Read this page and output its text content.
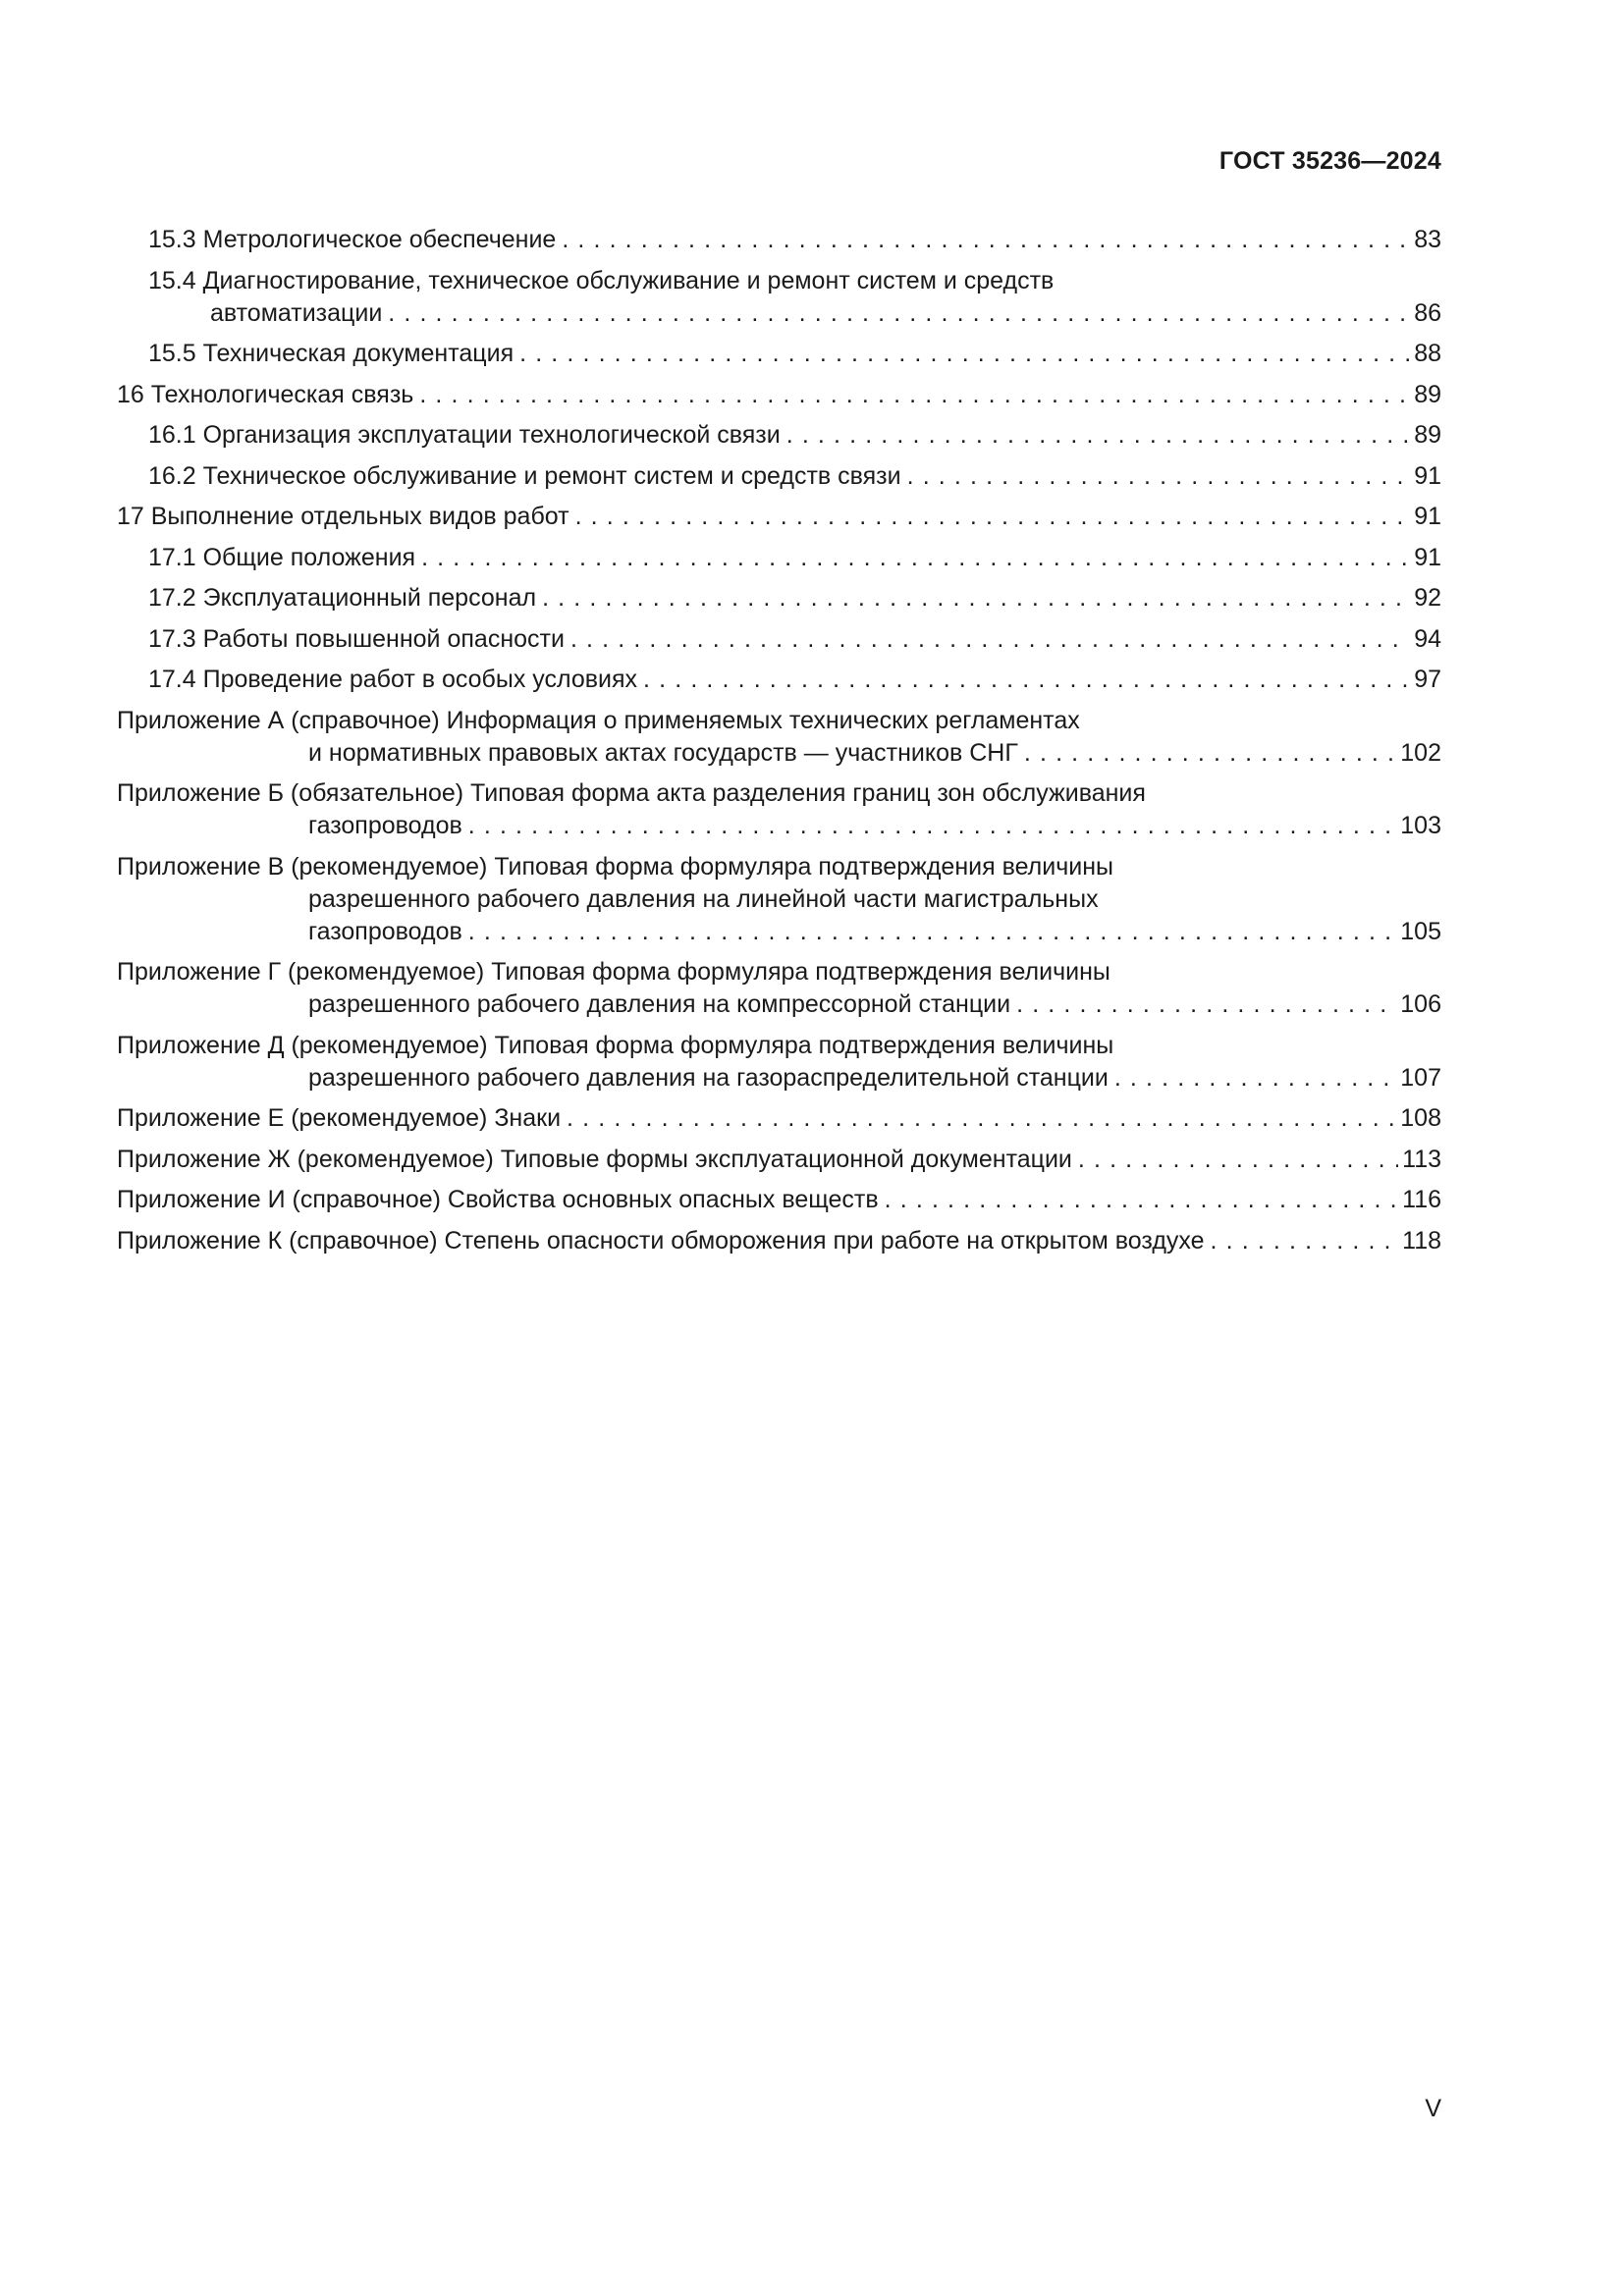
ГОСТ 35236—2024
15.3 Метрологическое обеспечение . . .	83
15.4 Диагностирование, техническое обслуживание и ремонт систем и средств
автоматизации . . .	86
15.5 Техническая документация . . .	88
16 Технологическая связь . . .	89
16.1 Организация эксплуатации технологической связи . . .	89
16.2 Техническое обслуживание и ремонт систем и средств связи . . .	91
17 Выполнение отдельных видов работ . . .	91
17.1 Общие положения . . .	91
17.2 Эксплуатационный персонал . . .	92
17.3 Работы повышенной опасности . . .	94
17.4 Проведение работ в особых условиях . . .	97
Приложение А (справочное) Информация о применяемых технических регламентах
и нормативных правовых актах государств — участников СНГ . . .	102
Приложение Б (обязательное) Типовая форма акта разделения границ зон обслуживания
газопроводов . . .	103
Приложение В (рекомендуемое) Типовая форма формуляра подтверждения величины
разрешенного рабочего давления на линейной части магистральных
газопроводов . . .	105
Приложение Г (рекомендуемое) Типовая форма формуляра подтверждения величины
разрешенного рабочего давления на компрессорной станции . . .	106
Приложение Д (рекомендуемое) Типовая форма формуляра подтверждения величины
разрешенного рабочего давления на газораспределительной станции . . .	107
Приложение Е (рекомендуемое) Знаки . . .	108
Приложение Ж (рекомендуемое) Типовые формы эксплуатационной документации . . .	113
Приложение И (справочное) Свойства основных опасных веществ . . .	116
Приложение К (справочное) Степень опасности обморожения при работе на открытом воздухе . . .	118
V
